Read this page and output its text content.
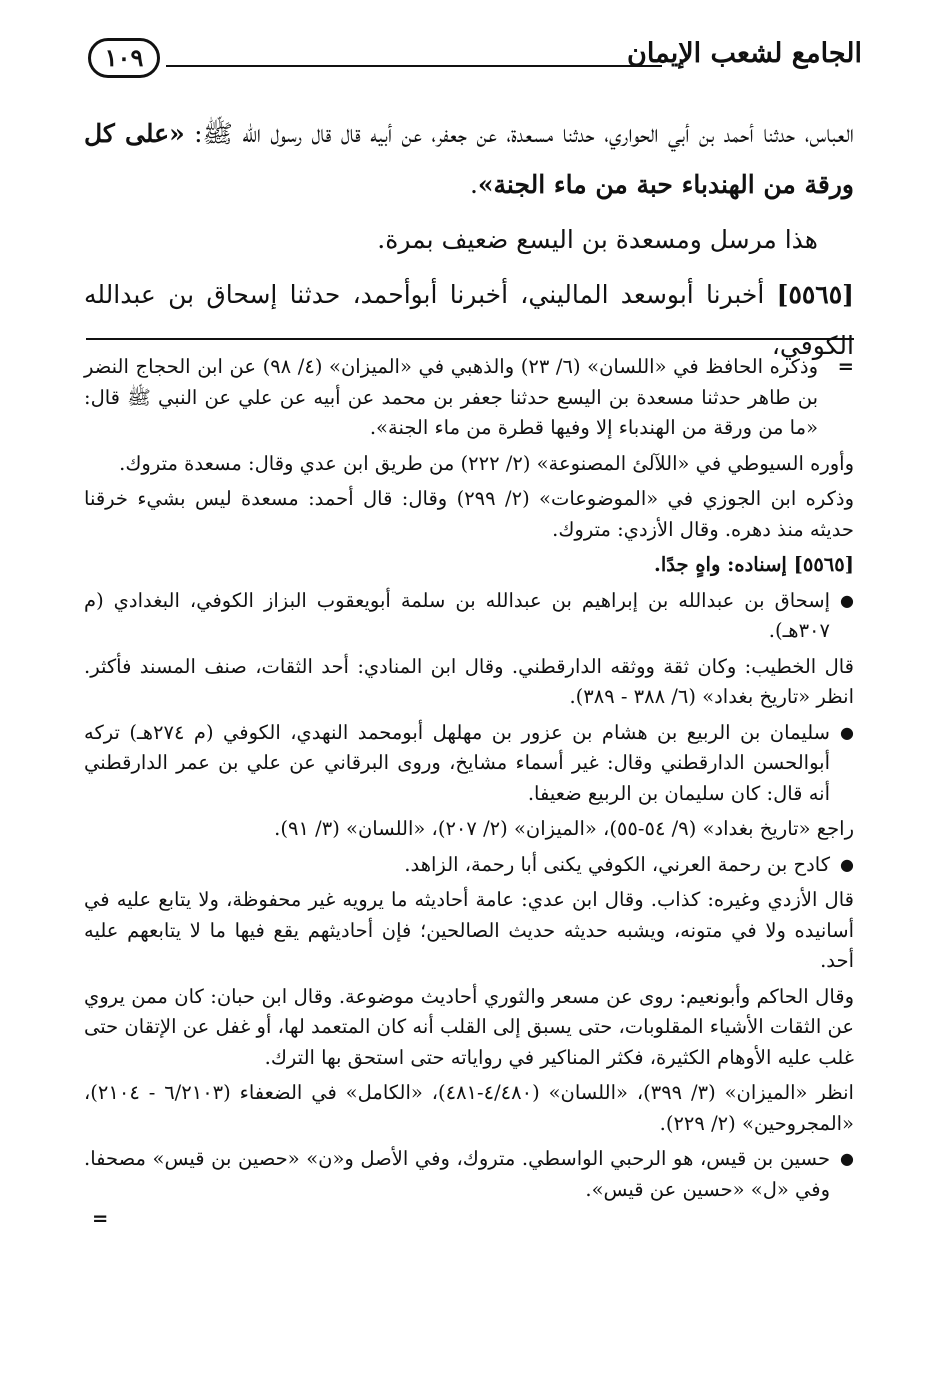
الجامع لشعب الإيمان
١٠٩

العباس، حدثنا أحمد بن أبي الحواري، حدثنا مسعدة، عن جعفر، عن أبيه قال قال رسول الله ﷺ: «على كل ورقة من الهندباء حبة من ماء الجنة».

هذا مرسل ومسعدة بن اليسع ضعيف بمرة.

[٥٥٦٥] أخبرنا أبوسعد الماليني، أخبرنا أبوأحمد، حدثنا إسحاق بن عبدالله الكوفي،

=
وذكره الحافظ في «اللسان» (٦/ ٢٣) والذهبي في «الميزان» (٤/ ٩٨) عن ابن الحجاج النضر بن طاهر حدثنا مسعدة بن اليسع حدثنا جعفر بن محمد عن أبيه عن علي عن النبي ﷺ قال: «ما من ورقة من الهندباء إلا وفيها قطرة من ماء الجنة».

وأوره السيوطي في «اللآلئ المصنوعة» (٢/ ٢٢٢) من طريق ابن عدي وقال: مسعدة متروك.

وذكره ابن الجوزي في «الموضوعات» (٢/ ٢٩٩) وقال: قال أحمد: مسعدة ليس بشيء خرقنا حديثه منذ دهره. وقال الأزدي: متروك.

[٥٥٦٥] إسناده: واهٍ جدًا.

●
إسحاق بن عبدالله بن إبراهيم بن عبدالله بن سلمة أبويعقوب البزاز الكوفي، البغدادي (م ٣٠٧هـ).

قال الخطيب: وكان ثقة ووثقه الدارقطني. وقال ابن المنادي: أحد الثقات، صنف المسند فأكثر. انظر «تاريخ بغداد» (٦/ ٣٨٨ - ٣٨٩).

●
سليمان بن الربيع بن هشام بن عزور بن مهلهل أبومحمد النهدي، الكوفي (م ٢٧٤هـ) تركه أبوالحسن الدارقطني وقال: غير أسماء مشايخ، وروى البرقاني عن علي بن عمر الدارقطني أنه قال: كان سليمان بن الربيع ضعيفا.

راجع «تاريخ بغداد» (٩/ ٥٤-٥٥)، «الميزان» (٢/ ٢٠٧)، «اللسان» (٣/ ٩١).

●
كادح بن رحمة العرني، الكوفي يكنى أبا رحمة، الزاهد.

قال الأزدي وغيره: كذاب. وقال ابن عدي: عامة أحاديثه ما يرويه غير محفوظة، ولا يتابع عليه في أسانيده ولا في متونه، ويشبه حديثه حديث الصالحين؛ فإن أحاديثهم يقع فيها ما لا يتابعهم عليه أحد.

وقال الحاكم وأبونعيم: روى عن مسعر والثوري أحاديث موضوعة. وقال ابن حبان: كان ممن يروي عن الثقات الأشياء المقلوبات، حتى يسبق إلى القلب أنه كان المتعمد لها، أو غفل عن الإتقان حتى غلب عليه الأوهام الكثيرة، فكثر المناكير في رواياته حتى استحق بها الترك.

انظر «الميزان» (٣/ ٣٩٩)، «اللسان» (٤/٤٨٠-٤٨١)، «الكامل» في الضعفاء (٦/٢١٠٣ - ٢١٠٤)، «المجروحين» (٢/ ٢٢٩).

●
حسين بن قيس، هو الرحبي الواسطي. متروك، وفي الأصل و«ن» «حصين بن قيس» مصحفا. وفي «ل» «حسين عن قيس».

=
